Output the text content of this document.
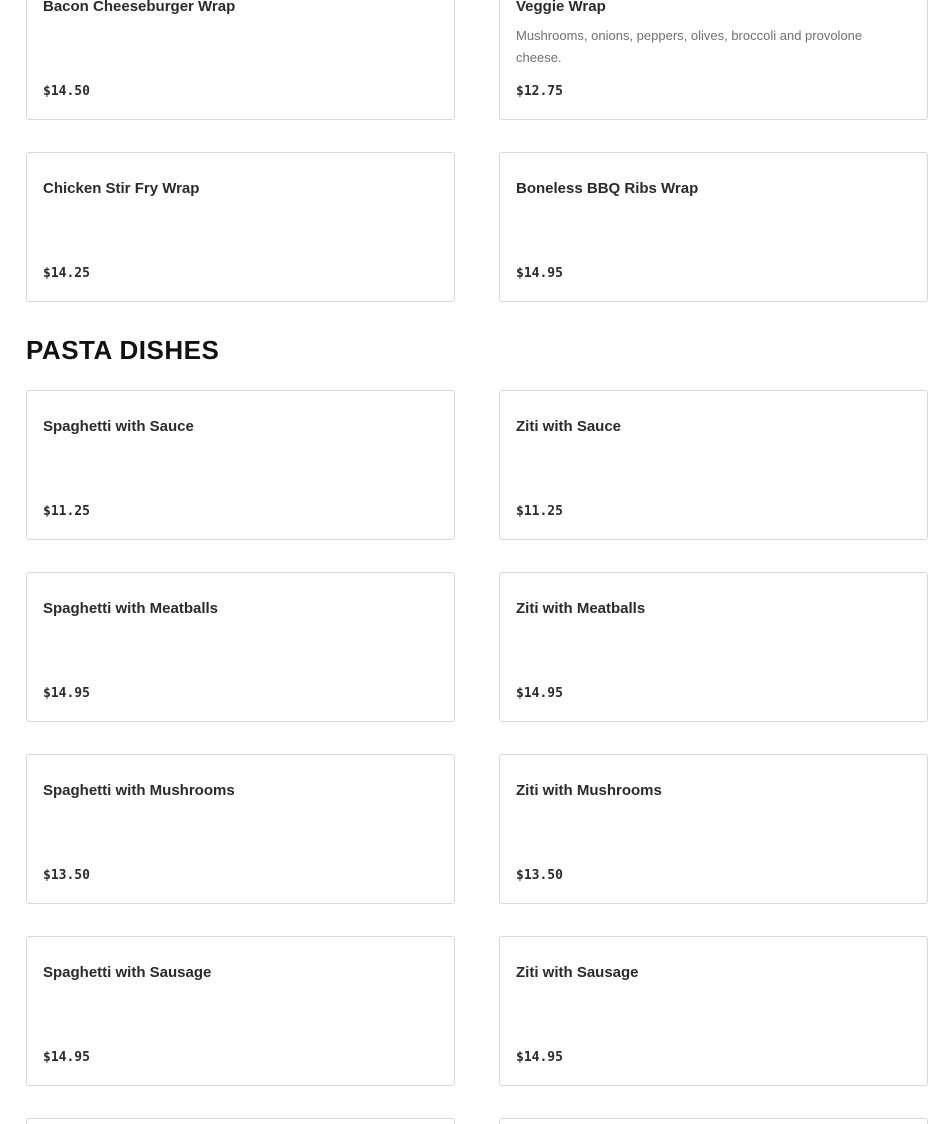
Bacon Cheeseburger Wrap
$14.50
Veggie Wrap
Mushrooms, onions, peppers, olives, broccoli and provolone cheese.
$12.75
Chicken Stir Fry Wrap
$14.25
Boneless BBQ Ribs Wrap
$14.95
PASTA DISHES
Spaghetti with Sauce
$11.25
Ziti with Sauce
$11.25
Spaghetti with Meatballs
$14.95
Ziti with Meatballs
$14.95
Spaghetti with Mushrooms
$13.50
Ziti with Mushrooms
$13.50
Spaghetti with Sausage
$14.95
Ziti with Sausage
$14.95
